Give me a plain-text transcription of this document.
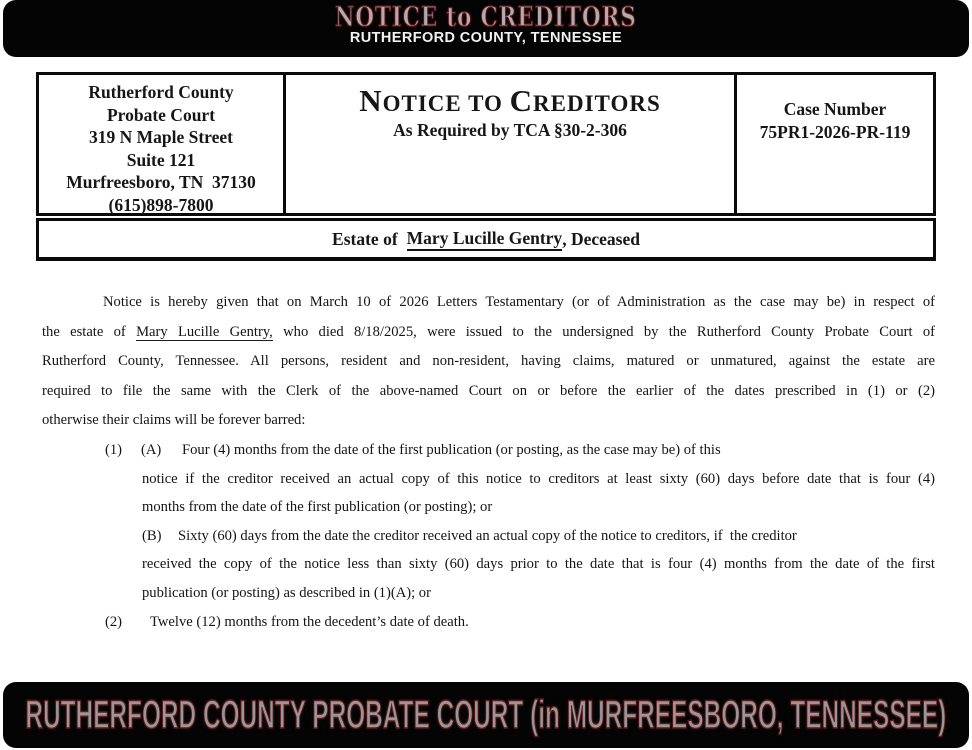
NOTICE to CREDITORS
RUTHERFORD COUNTY, TENNESSEE
Rutherford County
Probate Court
319 N Maple Street
Suite 121
Murfreesboro, TN  37130
(615)898-7800
NOTICE TO CREDITORS
As Required by TCA §30-2-306
Case Number
75PR1-2026-PR-119
Estate of Mary Lucille Gentry , Deceased
Notice is hereby given that on March 10 of 2026 Letters Testamentary (or of Administration as the case may be) in respect of
the estate of Mary Lucille Gentry, who died 8/18/2025, were issued to the undersigned by the Rutherford County Probate Court of
Rutherford County, Tennessee. All persons, resident and non-resident, having claims, matured or unmatured, against the estate are
required to file the same with the Clerk of the above-named Court on or before the earlier of the dates prescribed in (1) or (2)
otherwise their claims will be forever barred:
(1) (A) Four (4) months from the date of the first publication (or posting, as the case may be) of this
notice if the creditor received an actual copy of this notice to creditors at least sixty (60) days before date that is four (4)
months from the date of the first publication (or posting); or
(B) Sixty (60) days from the date the creditor received an actual copy of the notice to creditors, if  the creditor
received the copy of the notice less than sixty (60) days prior to the date that is four (4) months from the date of the first
publication (or posting) as described in (1)(A); or
(2) Twelve (12) months from the decedent’s date of death.
RUTHERFORD COUNTY PROBATE COURT (in MURFREESBORO, TENNESSEE)
